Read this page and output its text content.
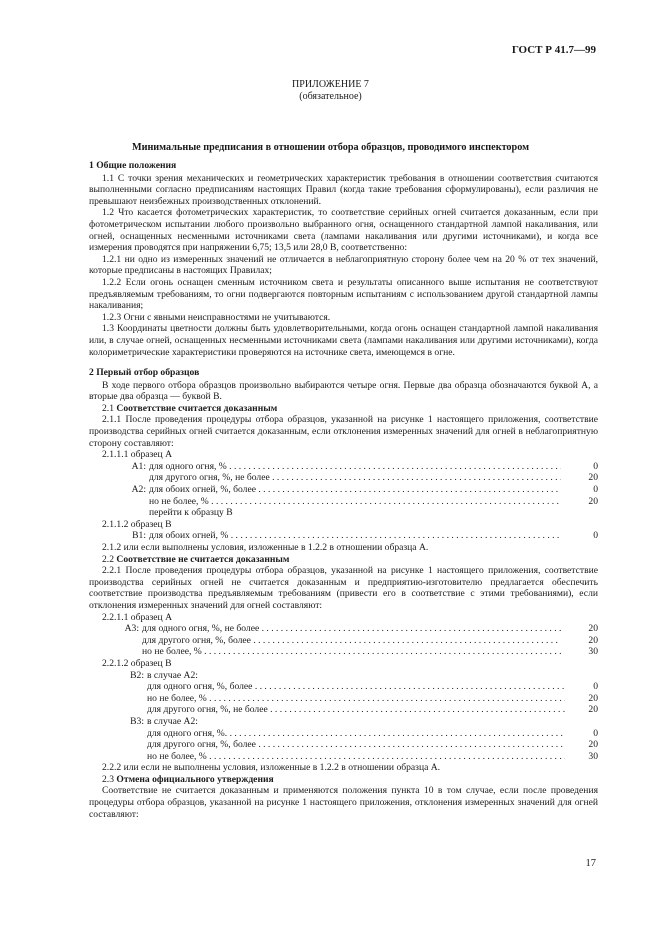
ГОСТ Р 41.7—99
ПРИЛОЖЕНИЕ 7
(обязательное)
Минимальные предписания в отношении отбора образцов, проводимого инспектором
1 Общие положения

1.1 С точки зрения механических и геометрических характеристик требования в отношении соответствия считаются выполненными согласно предписаниям настоящих Правил (когда такие требования сформулированы), если различия не превышают неизбежных производственных отклонений.

1.2 Что касается фотометрических характеристик, то соответствие серийных огней считается доказанным, если при фотометрическом испытании любого произвольно выбранного огня, оснащенного стандартной лампой накаливания, или огней, оснащенных несменными источниками света (лампами накаливания или другими источниками), и когда все измерения проводятся при напряжении 6,75; 13,5 или 28,0 В, соответственно:

1.2.1 ни одно из измеренных значений не отличается в неблагоприятную сторону более чем на 20 % от тех значений, которые предписаны в настоящих Правилах;

1.2.2 Если огонь оснащен сменным источником света и результаты описанного выше испытания не соответствуют предъявляемым требованиям, то огни подвергаются повторным испытаниям с использованием другой стандартной лампы накаливания;

1.2.3 Огни с явными неисправностями не учитываются.

1.3 Координаты цветности должны быть удовлетворительными, когда огонь оснащен стандартной лампой накаливания или, в случае огней, оснащенных несменными источниками света (лампами накаливания или другими источниками), когда колориметрические характеристики проверяются на источнике света, имеющемся в огне.

2 Первый отбор образцов

В ходе первого отбора образцов произвольно выбираются четыре огня. Первые два образца обозначаются буквой А, а вторые два образца — буквой В.

2.1 Соответствие считается доказанным

2.1.1 После проведения процедуры отбора образцов, указанной на рисунке 1 настоящего приложения, соответствие производства серийных огней считается доказанным, если отклонения измеренных значений для огней в неблагоприятную сторону составляют:

2.1.1.1 образец А

А1: для одного огня, % . . .	0
для другого огня, %, не более . . .	20
А2: для обоих огней, %, более . . .	0
но не более, % . . .	20
перейти к образцу В

2.1.1.2 образец В

В1: для обоих огней, % . . .	0

2.1.2 или если выполнены условия, изложенные в 1.2.2 в отношении образца А.

2.2 Соответствие не считается доказанным

2.2.1 После проведения процедуры отбора образцов, указанной на рисунке 1 настоящего приложения, соответствие производства серийных огней не считается доказанным и предприятию-изготовителю предлагается обеспечить соответствие производства предъявляемым требованиям (привести его в соответствие с этими требованиями), если отклонения измеренных значений для огней составляют:

2.2.1.1 образец А

А3: для одного огня, %, не более . . .	20
для другого огня, %, более . . .	20
но не более, % . . .	30

2.2.1.2 образец В

В2: в случае А2:
для одного огня, %, более . . .	0
но не более, % . . .	20
для другого огня, %, не более . . .	20
В3: в случае А2:
для одного огня, %. . . .	0
для другого огня, %, более . . .	20
но не более, % . . .	30

2.2.2 или если не выполнены условия, изложенные в 1.2.2 в отношении образца А.

2.3 Отмена официального утверждения

Соответствие не считается доказанным и применяются положения пункта 10 в том случае, если после проведения процедуры отбора образцов, указанной на рисунке 1 настоящего приложения, отклонения измеренных значений для огней составляют:

17
